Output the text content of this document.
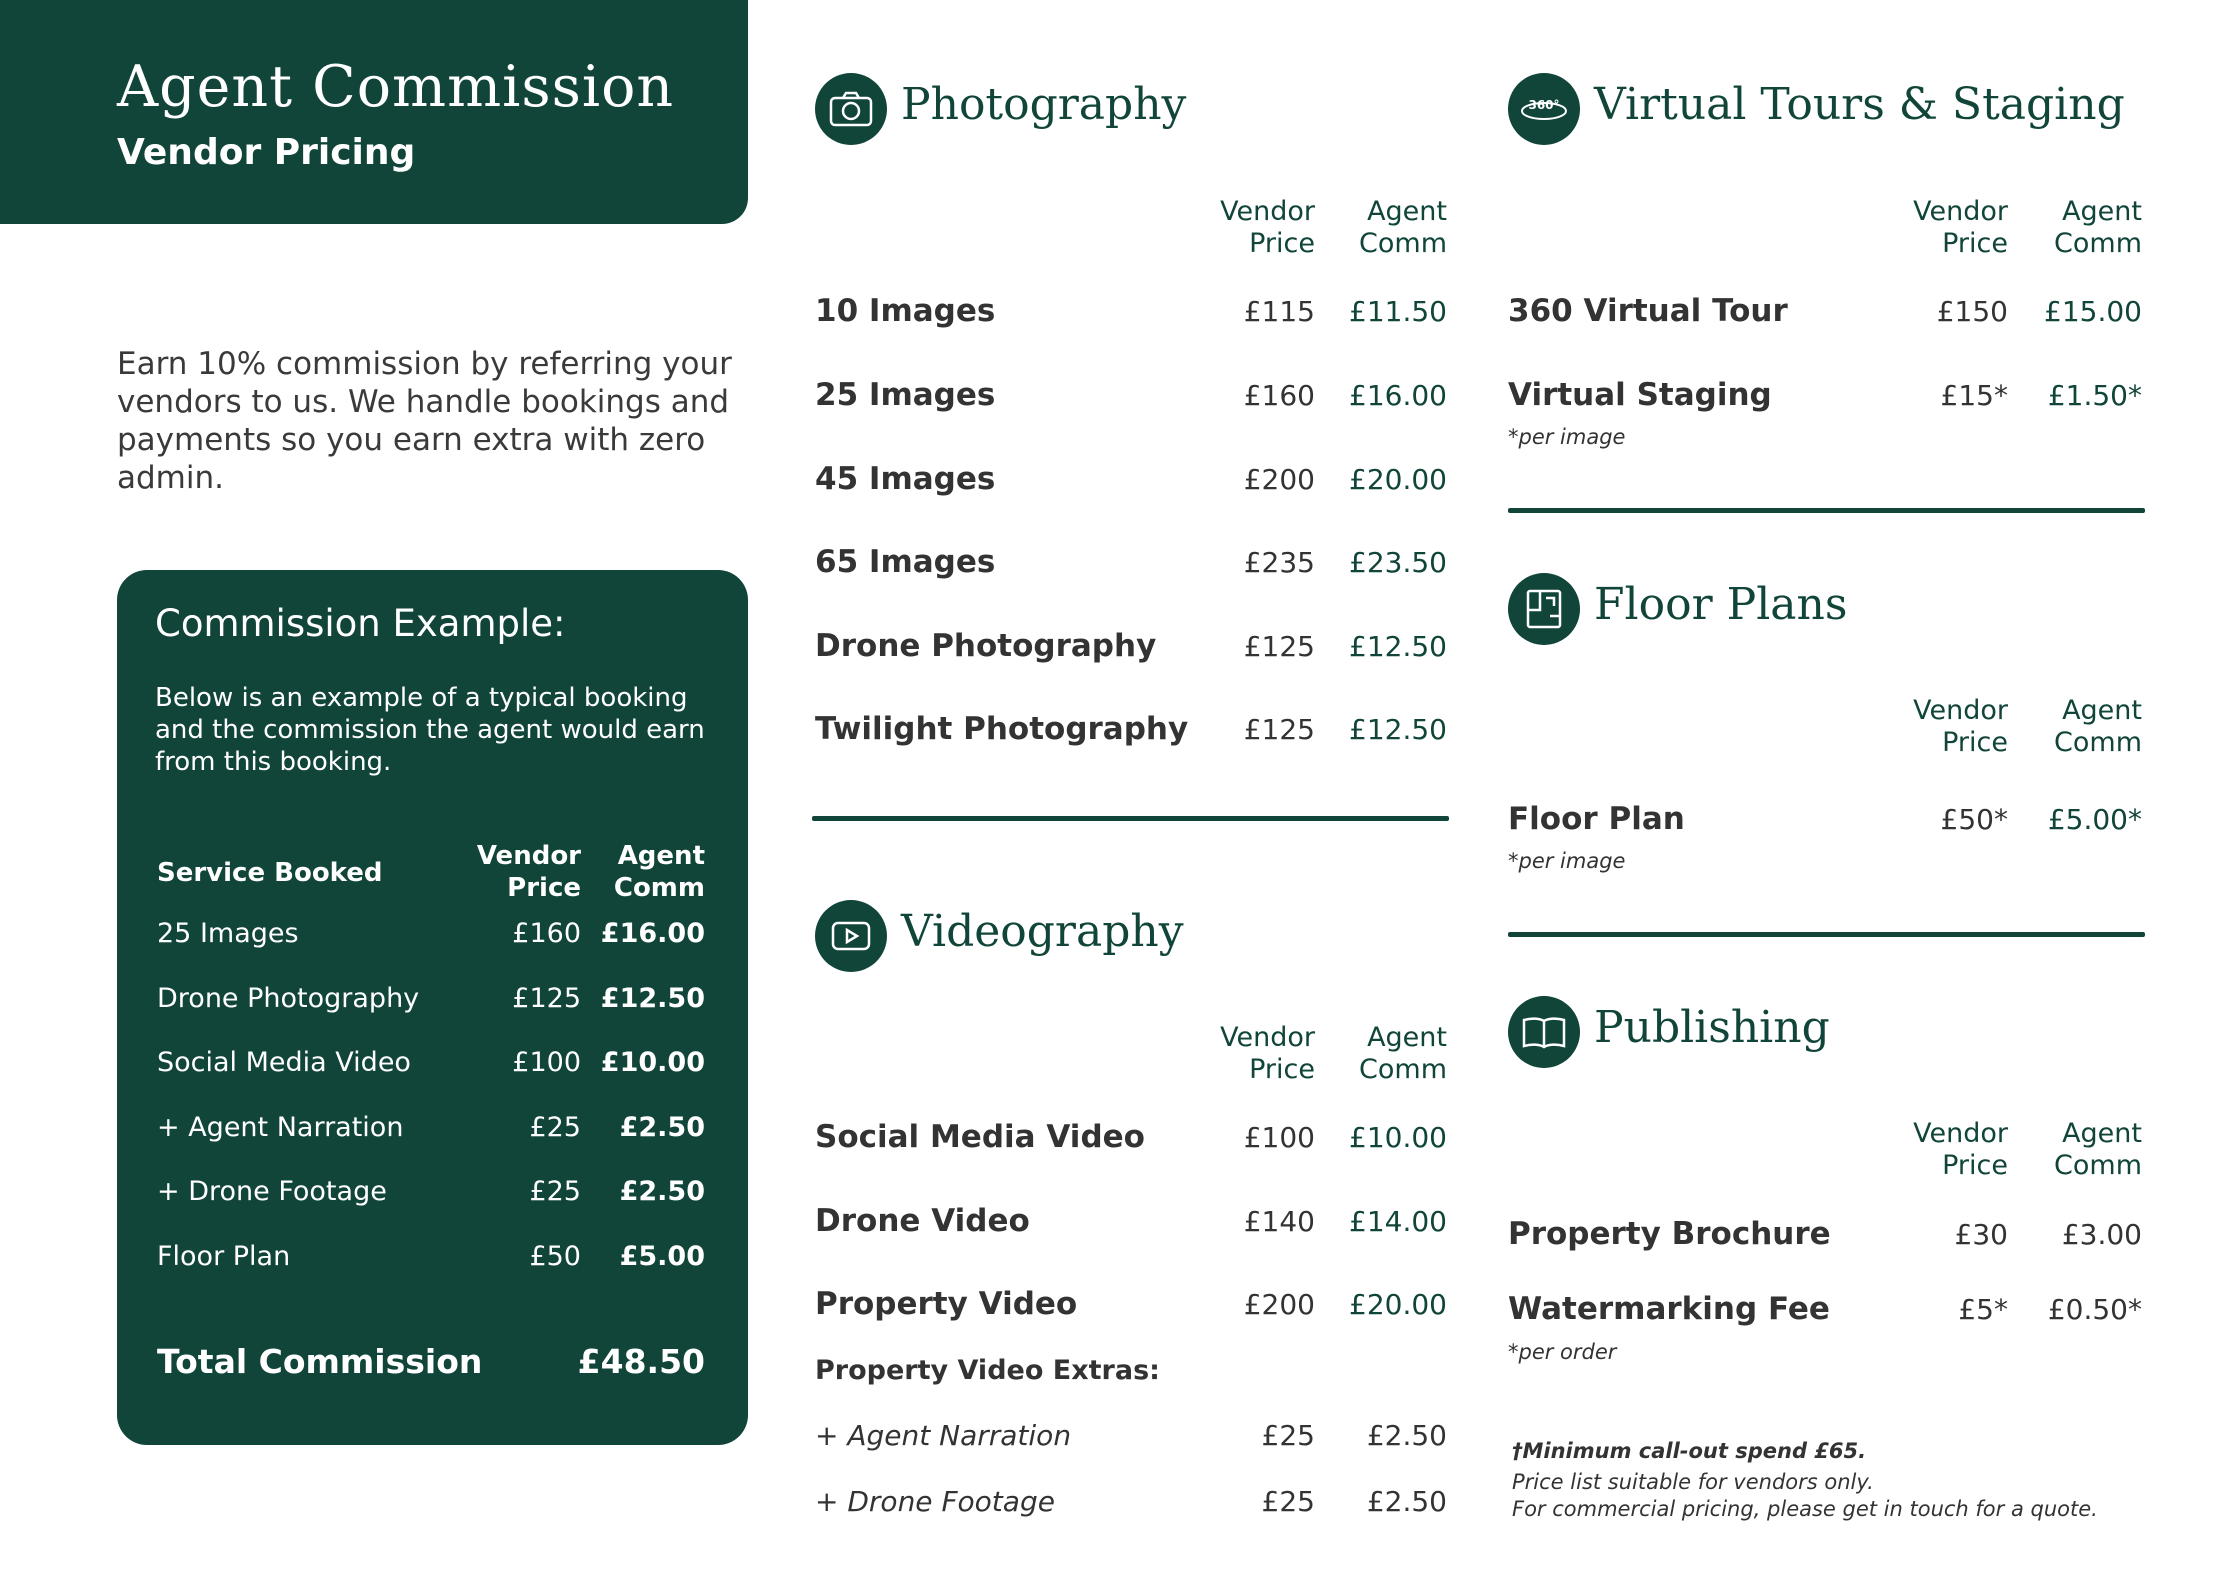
Agent Commission
Vendor Pricing
Earn 10% commission by referring your vendors to us. We handle bookings and payments so you earn extra with zero admin.
Commission Example:
Below is an example of a typical booking and the commission the agent would earn from this booking.
Service Booked
Vendor
Price
Agent
Comm
25 Images	£160 £16.00
Drone Photography	£125 £12.50
Social Media Video	£100 £10.00
+ Agent Narration	£25 £2.50
+ Drone Footage	£25 £2.50
Floor Plan	£50 £5.00
Total Commission	£48.50
Photography
Vendor
Price
Agent
Comm
10 Images	£115 £11.50
25 Images	£160 £16.00
45 Images	£200 £20.00
65 Images	£235 £23.50
Drone Photography	£125 £12.50
Twilight Photography £125 £12.50
Videography
Vendor
Price
Agent
Comm
Social Media Video	£100 £10.00
Drone Video	£140 £14.00
Property Video	£200 £20.00
Property Video Extras:
+ Agent Narration	£25 £2.50
+ Drone Footage	£25 £2.50
360° Virtual Tours & Staging
Vendor
Price
Agent
Comm
360 Virtual Tour	£150 £15.00
Virtual Staging	£15* £1.50*
*per image
Floor Plans
Vendor
Price
Agent
Comm
Floor Plan	£50* £5.00*
*per image
Publishing
Vendor
Price
Agent
Comm
Property Brochure	£30 £3.00
Watermarking Fee	£5* £0.50*
*per order
†Minimum call-out spend £65.
Price list suitable for vendors only.
For commercial pricing, please get in touch for a quote.
